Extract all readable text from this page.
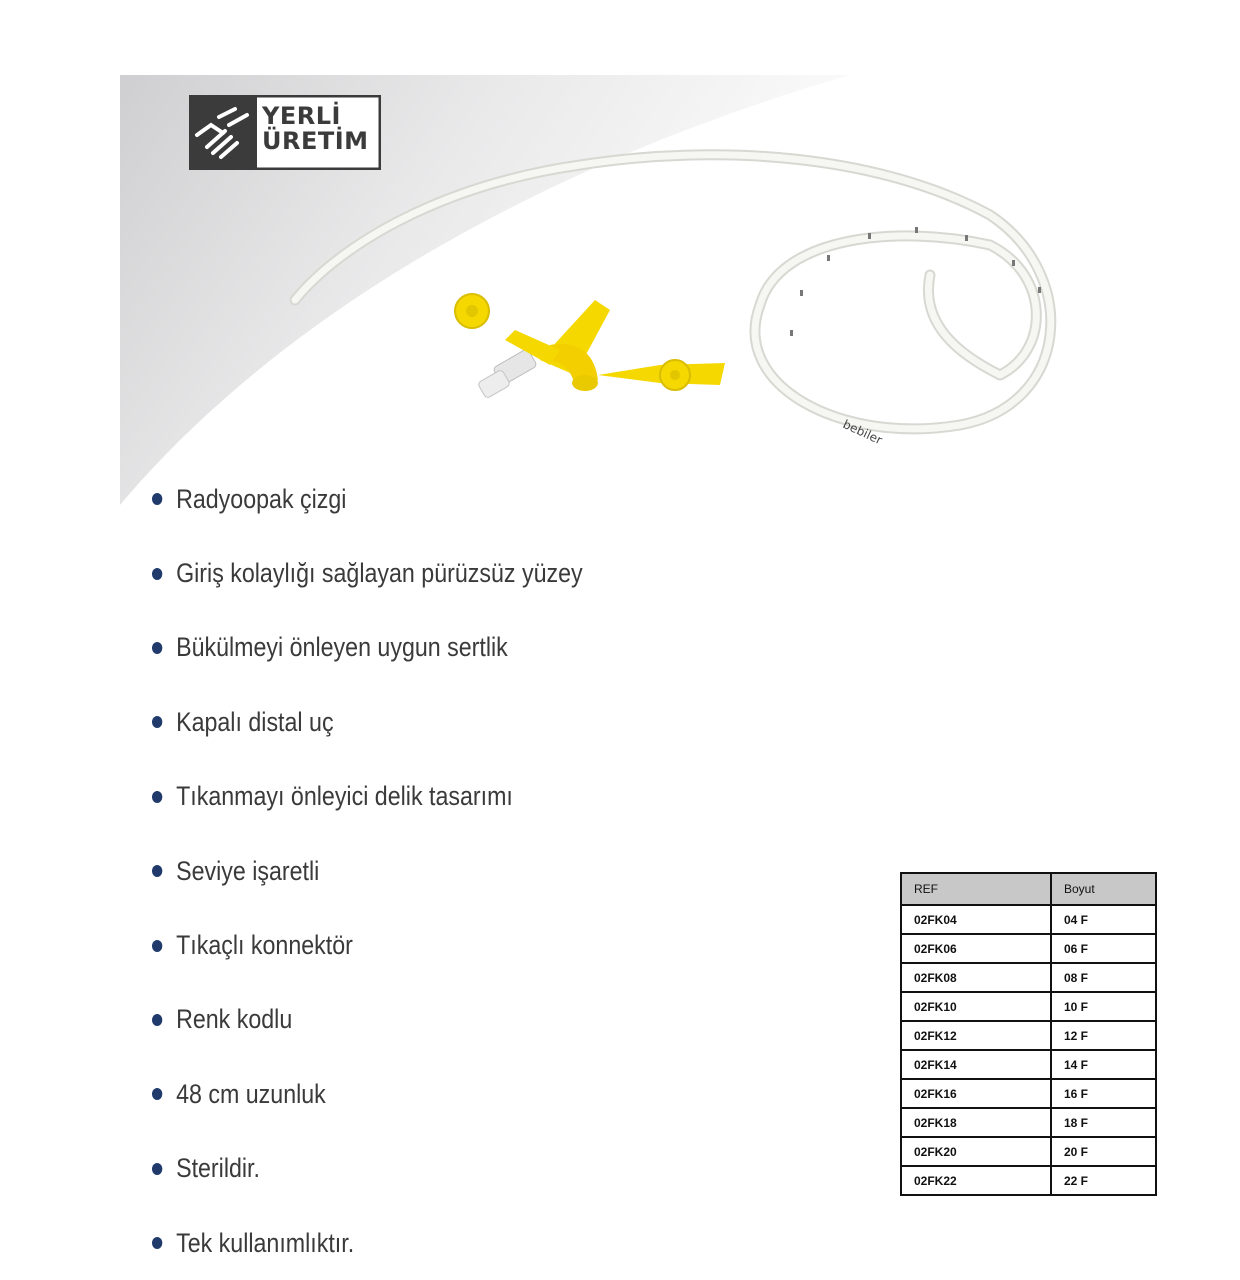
bebiler
YERLİ
ÜRETİM
Radyoopak çizgi
Giriş kolaylığı sağlayan pürüzsüz yüzey
Bükülmeyi önleyen uygun sertlik
Kapalı distal uç
Tıkanmayı önleyici delik tasarımı
Seviye işaretli
Tıkaçlı konnektör
Renk kodlu
48 cm uzunluk
Sterildir.
Tek kullanımlıktır.
REF	Boyut
02FK04	04 F
02FK06	06 F
02FK08	08 F
02FK10	10 F
02FK12	12 F
02FK14	14 F
02FK16	16 F
02FK18	18 F
02FK20	20 F
02FK22	22 F
